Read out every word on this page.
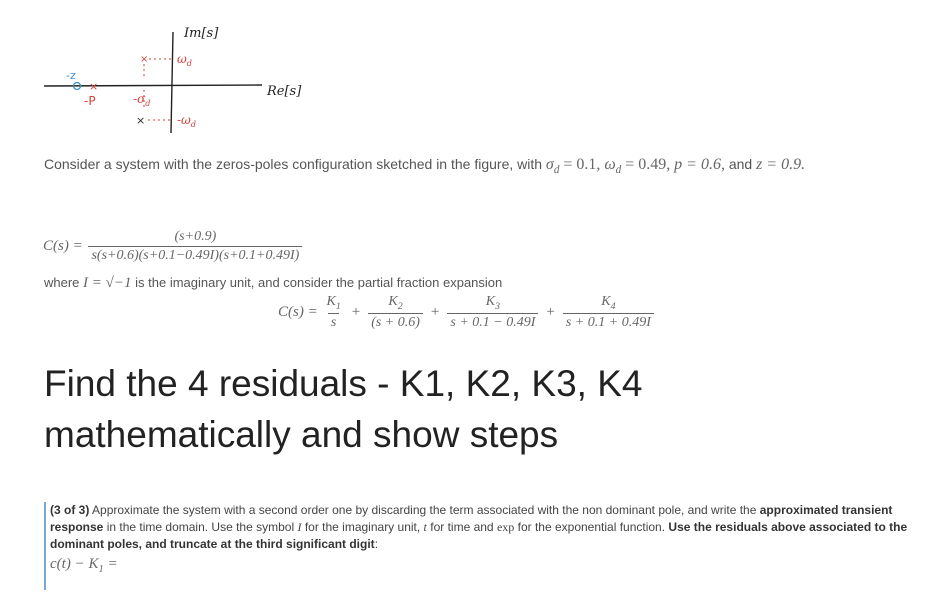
Im[s]
Re[s]
× $\omega_d$
×	$-\omega_d$
$-\sigma_d$
-z
×
-P
Consider a system with the zeros-poles configuration sketched in the figure, with $\sigma_d = 0.1$, $\omega_d = 0.49$, p = 0.6, and z = 0.9.
$C(s) = \frac{(s+0.9)}{s(s+0.6)(s+0.1-0.49I)(s+0.1+0.49I)}$
where I = √−1 is the imaginary unit, and consider the partial fraction expansion
$C(s) = \frac{K_1}{s} + \frac{K_2}{(s + 0.6)} + \frac{K_3}{s + 0.1 - 0.49I} + \frac{K_4}{s + 0.1 + 0.49I}$
Find the 4 residuals - K1, K2, K3, K4
mathematically and show steps
(3 of 3) Approximate the system with a second order one by discarding the term associated with the non dominant pole, and write the approximated transient response in the time domain. Use the symbol I for the imaginary unit, t for time and exp for the exponential function. Use the residuals above associated to the dominant poles, and truncate at the third significant digit:
$c(t) - K_1$ =
